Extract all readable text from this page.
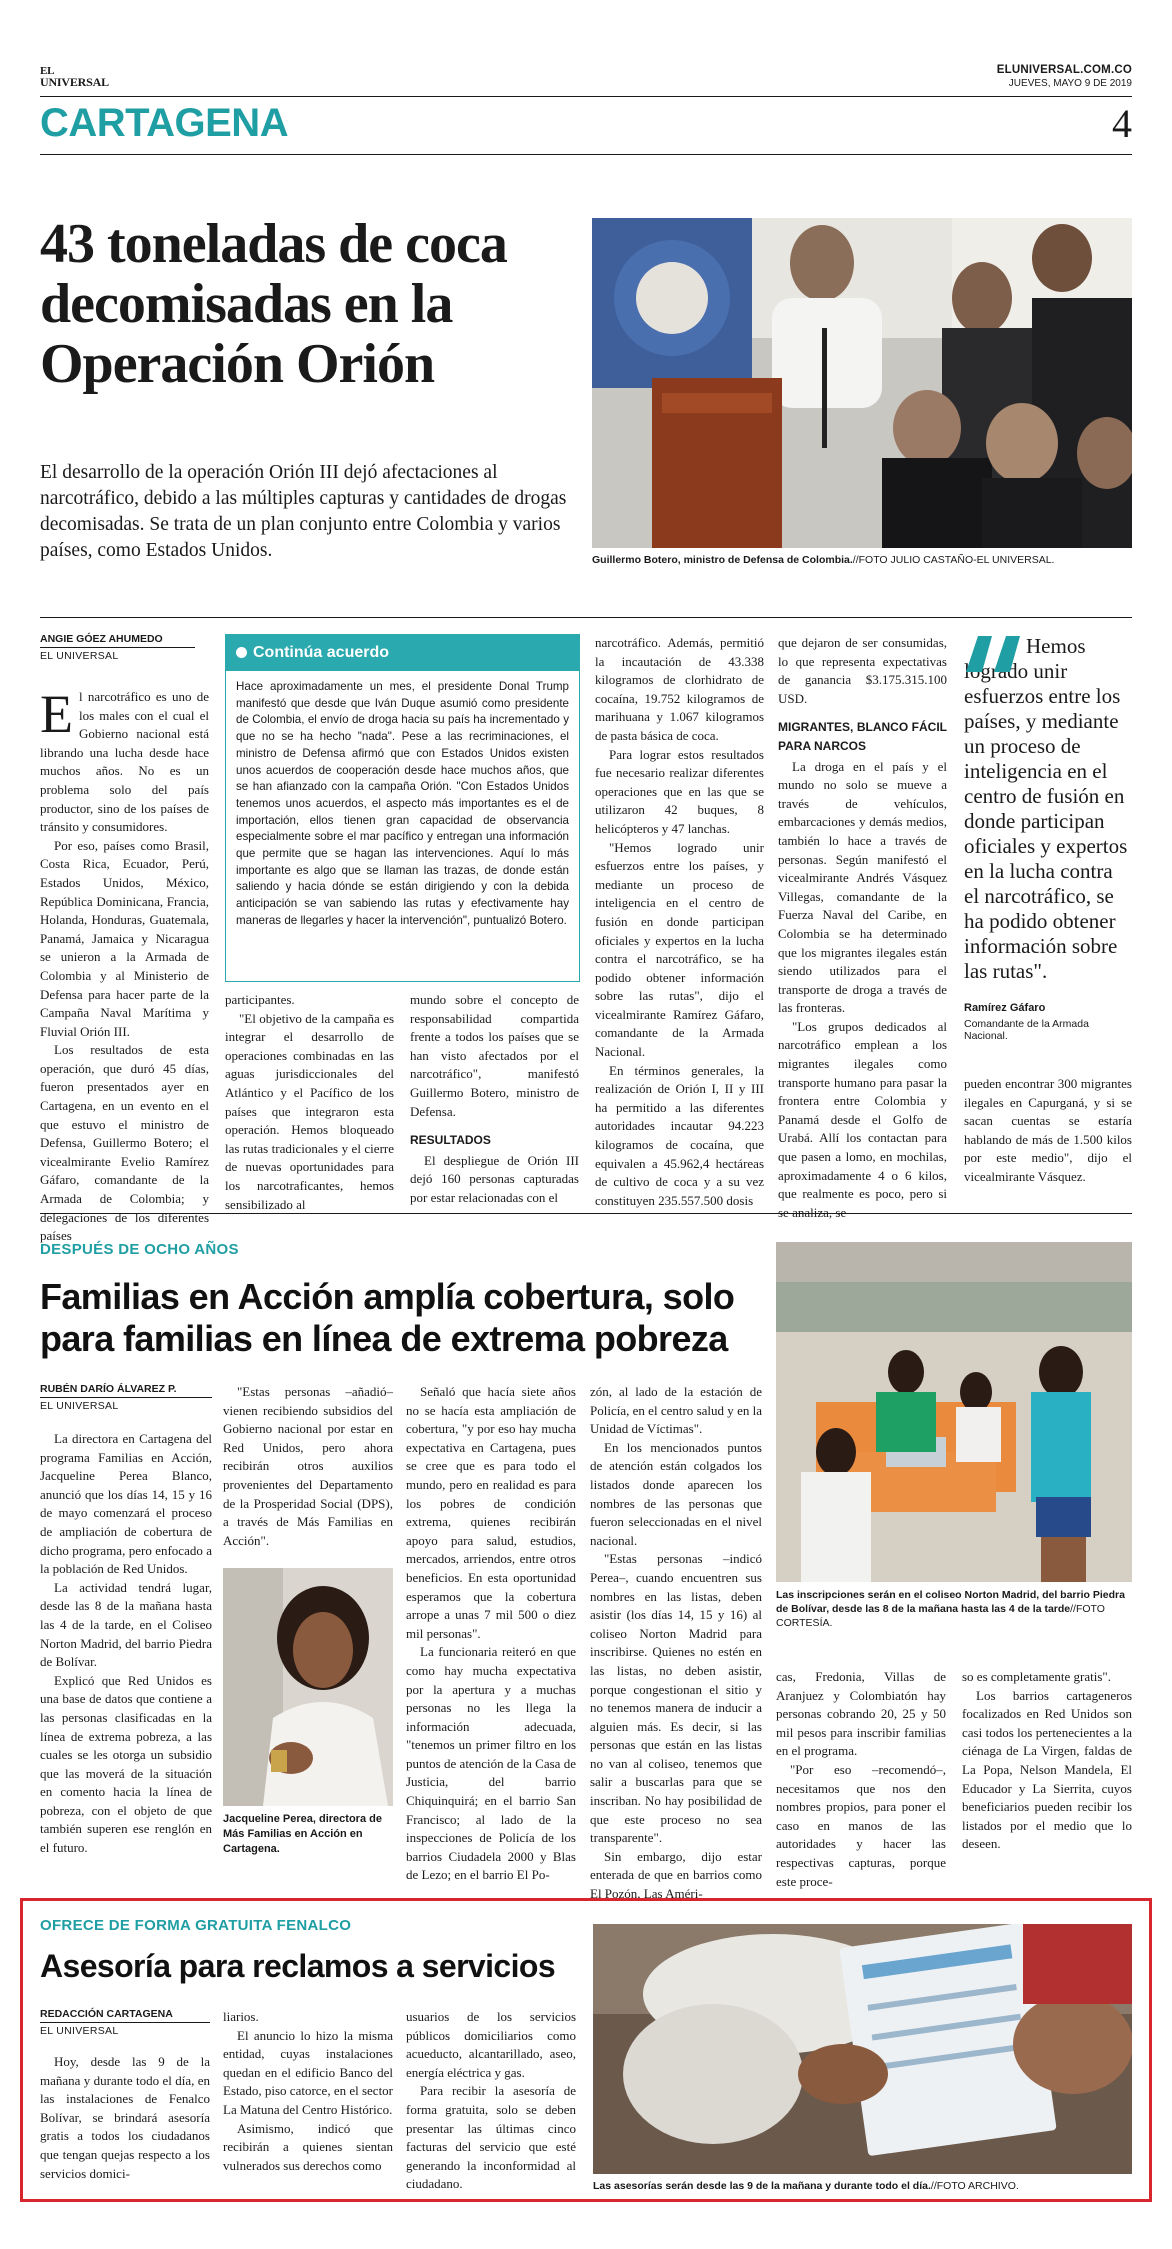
EL
UNIVERSAL
ELUNIVERSAL.COM.CO
JUEVES, MAYO 9 DE 2019
CARTAGENA	4
43 toneladas de coca decomisadas en la Operación Orión
El desarrollo de la operación Orión III dejó afectaciones al narcotráfico, debido a las múltiples capturas y cantidades de drogas decomisadas. Se trata de un plan conjunto entre Colombia y varios países, como Estados Unidos.	Guillermo Botero, ministro de Defensa de Colombia.//FOTO JULIO CASTAÑO-EL UNIVERSAL.
ANGIE GÓEZ AHUMEDO
EL UNIVERSAL

El narcotráfico es uno de los males con el cual el Gobierno nacional está librando una lucha desde hace muchos años. No es un problema solo del país productor, sino de los países de tránsito y consumidores.

Por eso, países como Brasil, Costa Rica, Ecuador, Perú, Estados Unidos, México, República Dominicana, Francia, Holanda, Honduras, Guatemala, Panamá, Jamaica y Nicaragua se unieron a la Armada de Colombia y al Ministerio de Defensa para hacer parte de la Campaña Naval Marítima y Fluvial Orión III.

Los resultados de esta operación, que duró 45 días, fueron presentados ayer en Cartagena, en un evento en el que estuvo el ministro de Defensa, Guillermo Botero; el vicealmirante Evelio Ramírez Gáfaro, comandante de la Armada de Colombia; y delegaciones de los diferentes países

Continúa acuerdo
Hace aproximadamente un mes, el presidente Donal Trump manifestó que desde que Iván Duque asumió como presidente de Colombia, el envío de droga hacia su país ha incrementado y que no se ha hecho "nada". Pese a las recriminaciones, el ministro de Defensa afirmó que con Estados Unidos existen unos acuerdos de cooperación desde hace muchos años, que se han afianzado con la campaña Orión. "Con Estados Unidos tenemos unos acuerdos, el aspecto más importantes es el de importación, ellos tienen gran capacidad de observancia especialmente sobre el mar pacífico y entregan una información que permite que se hagan las intervenciones. Aquí lo más importante es algo que se llaman las trazas, de donde están saliendo y hacia dónde se están dirigiendo y con la debida anticipación se van sabiendo las rutas y efectivamente hay maneras de llegarles y hacer la intervención", puntualizó Botero.

participantes.

"El objetivo de la campaña es integrar el desarrollo de operaciones combinadas en las aguas jurisdiccionales del Atlántico y el Pacífico de los países que integraron esta operación. Hemos bloqueado las rutas tradicionales y el cierre de nuevas oportunidades para los narcotraficantes, hemos sensibilizado al

mundo sobre el concepto de responsabilidad compartida frente a todos los países que se han visto afectados por el narcotráfico", manifestó Guillermo Botero, ministro de Defensa.

RESULTADOS

El despliegue de Orión III dejó 160 personas capturadas por estar relacionadas con el

narcotráfico. Además, permitió la incautación de 43.338 kilogramos de clorhidrato de cocaína, 19.752 kilogramos de marihuana y 1.067 kilogramos de pasta básica de coca.

Para lograr estos resultados fue necesario realizar diferentes operaciones que en las que se utilizaron 42 buques, 8 helicópteros y 47 lanchas.

"Hemos logrado unir esfuerzos entre los países, y mediante un proceso de inteligencia en el centro de fusión en donde participan oficiales y expertos en la lucha contra el narcotráfico, se ha podido obtener información sobre las rutas", dijo el vicealmirante Ramírez Gáfaro, comandante de la Armada Nacional.

En términos generales, la realización de Orión I, II y III ha permitido a las diferentes autoridades incautar 94.223 kilogramos de cocaína, que equivalen a 45.962,4 hectáreas de cultivo de coca y a su vez constituyen 235.557.500 dosis

que dejaron de ser consumidas, lo que representa expectativas de ganancia $3.175.315.100 USD.

MIGRANTES, BLANCO FÁCIL PARA NARCOS

La droga en el país y el mundo no solo se mueve a través de vehículos, embarcaciones y demás medios, también lo hace a través de personas. Según manifestó el vicealmirante Andrés Vásquez Villegas, comandante de la Fuerza Naval del Caribe, en Colombia se ha determinado que los migrantes ilegales están siendo utilizados para el transporte de droga a través de las fronteras.

"Los grupos dedicados al narcotráfico emplean a los migrantes ilegales como transporte humano para pasar la frontera entre Colombia y Panamá desde el Golfo de Urabá. Allí los contactan para que pasen a lomo, en mochilas, aproximadamente 4 o 6 kilos, que realmente es poco, pero si se analiza, se

Hemos logrado unir esfuerzos entre los países, y mediante un proceso de inteligencia en el centro de fusión en donde participan oficiales y expertos en la lucha contra el narcotráfico, se ha podido obtener información sobre las rutas".
Ramírez Gáfaro
Comandante de la Armada Nacional.

pueden encontrar 300 migrantes ilegales en Capurganá, y si se sacan cuentas se estaría hablando de más de 1.500 kilos por este medio", dijo el vicealmirante Vásquez.

DESPUÉS DE OCHO AÑOS
Familias en Acción amplía cobertura, solo
para familias en línea de extrema pobreza
RUBÉN DARÍO ÁLVAREZ P.
EL UNIVERSAL

La directora en Cartagena del programa Familias en Acción, Jacqueline Perea Blanco, anunció que los días 14, 15 y 16 de mayo comenzará el proceso de ampliación de cobertura de dicho programa, pero enfocado a la población de Red Unidos.

La actividad tendrá lugar, desde las 8 de la mañana hasta las 4 de la tarde, en el Coliseo Norton Madrid, del barrio Piedra de Bolívar.

Explicó que Red Unidos es una base de datos que contiene a las personas clasificadas en la línea de extrema pobreza, a las cuales se les otorga un subsidio que las moverá de la situación en comento hacia la línea de pobreza, con el objeto de que también superen ese renglón en el futuro.

"Estas personas –añadió– vienen recibiendo subsidios del Gobierno nacional por estar en Red Unidos, pero ahora recibirán otros auxilios provenientes del Departamento de la Prosperidad Social (DPS), a través de Más Familias en Acción".

Jacqueline Perea, directora de Más Familias en Acción en Cartagena.

Señaló que hacía siete años no se hacía esta ampliación de cobertura, "y por eso hay mucha expectativa en Cartagena, pues se cree que es para todo el mundo, pero en realidad es para los pobres de condición extrema, quienes recibirán apoyo para salud, estudios, mercados, arriendos, entre otros beneficios. En esta oportunidad esperamos que la cobertura arrope a unas 7 mil 500 o diez mil personas".

La funcionaria reiteró en que como hay mucha expectativa por la apertura y a muchas personas no les llega la información adecuada, "tenemos un primer filtro en los puntos de atención de la Casa de Justicia, del barrio Chiquinquirá; en el barrio San Francisco; al lado de la inspecciones de Policía de los barrios Ciudadela 2000 y Blas de Lezo; en el barrio El Po-

zón, al lado de la estación de Policía, en el centro salud y en la Unidad de Víctimas".

En los mencionados puntos de atención están colgados los listados donde aparecen los nombres de las personas que fueron seleccionadas en el nivel nacional.

"Estas personas –indicó Perea–, cuando encuentren sus nombres en las listas, deben asistir (los días 14, 15 y 16) al coliseo Norton Madrid para inscribirse. Quienes no estén en las listas, no deben asistir, porque congestionan el sitio y no tenemos manera de inducir a alguien más. Es decir, si las personas que están en las listas no van al coliseo, tenemos que salir a buscarlas para que se inscriban. No hay posibilidad de que este proceso no sea transparente".

Sin embargo, dijo estar enterada de que en barrios como El Pozón, Las Améri-

Las inscripciones serán en el coliseo Norton Madrid, del barrio Piedra de Bolívar, desde las 8 de la mañana hasta las 4 de la tarde//FOTO CORTESÍA.

cas, Fredonia, Villas de Aranjuez y Colombiatón hay personas cobrando 20, 25 y 50 mil pesos para inscribir familias en el programa.

"Por eso –recomendó–, necesitamos que nos den nombres propios, para poner el caso en manos de las autoridades y hacer las respectivas capturas, porque este proce-

so es completamente gratis".

Los barrios cartageneros focalizados en Red Unidos son casi todos los pertenecientes a la ciénaga de La Virgen, faldas de La Popa, Nelson Mandela, El Educador y La Sierrita, cuyos beneficiarios pueden recibir los listados por el medio que lo deseen.

OFRECE DE FORMA GRATUITA FENALCO
Asesoría para reclamos a servicios
REDACCIÓN CARTAGENA
EL UNIVERSAL

Hoy, desde las 9 de la mañana y durante todo el día, en las instalaciones de Fenalco Bolívar, se brindará asesoría gratis a todos los ciudadanos que tengan quejas respecto a los servicios domici-

liarios.

El anuncio lo hizo la misma entidad, cuyas instalaciones quedan en el edificio Banco del Estado, piso catorce, en el sector La Matuna del Centro Histórico.

Asimismo, indicó que recibirán a quienes sientan vulnerados sus derechos como

usuarios de los servicios públicos domiciliarios como acueducto, alcantarillado, aseo, energía eléctrica y gas.

Para recibir la asesoría de forma gratuita, solo se deben presentar las últimas cinco facturas del servicio que esté generando la inconformidad al ciudadano.	Las asesorías serán desde las 9 de la mañana y durante todo el día.//FOTO ARCHIVO.
